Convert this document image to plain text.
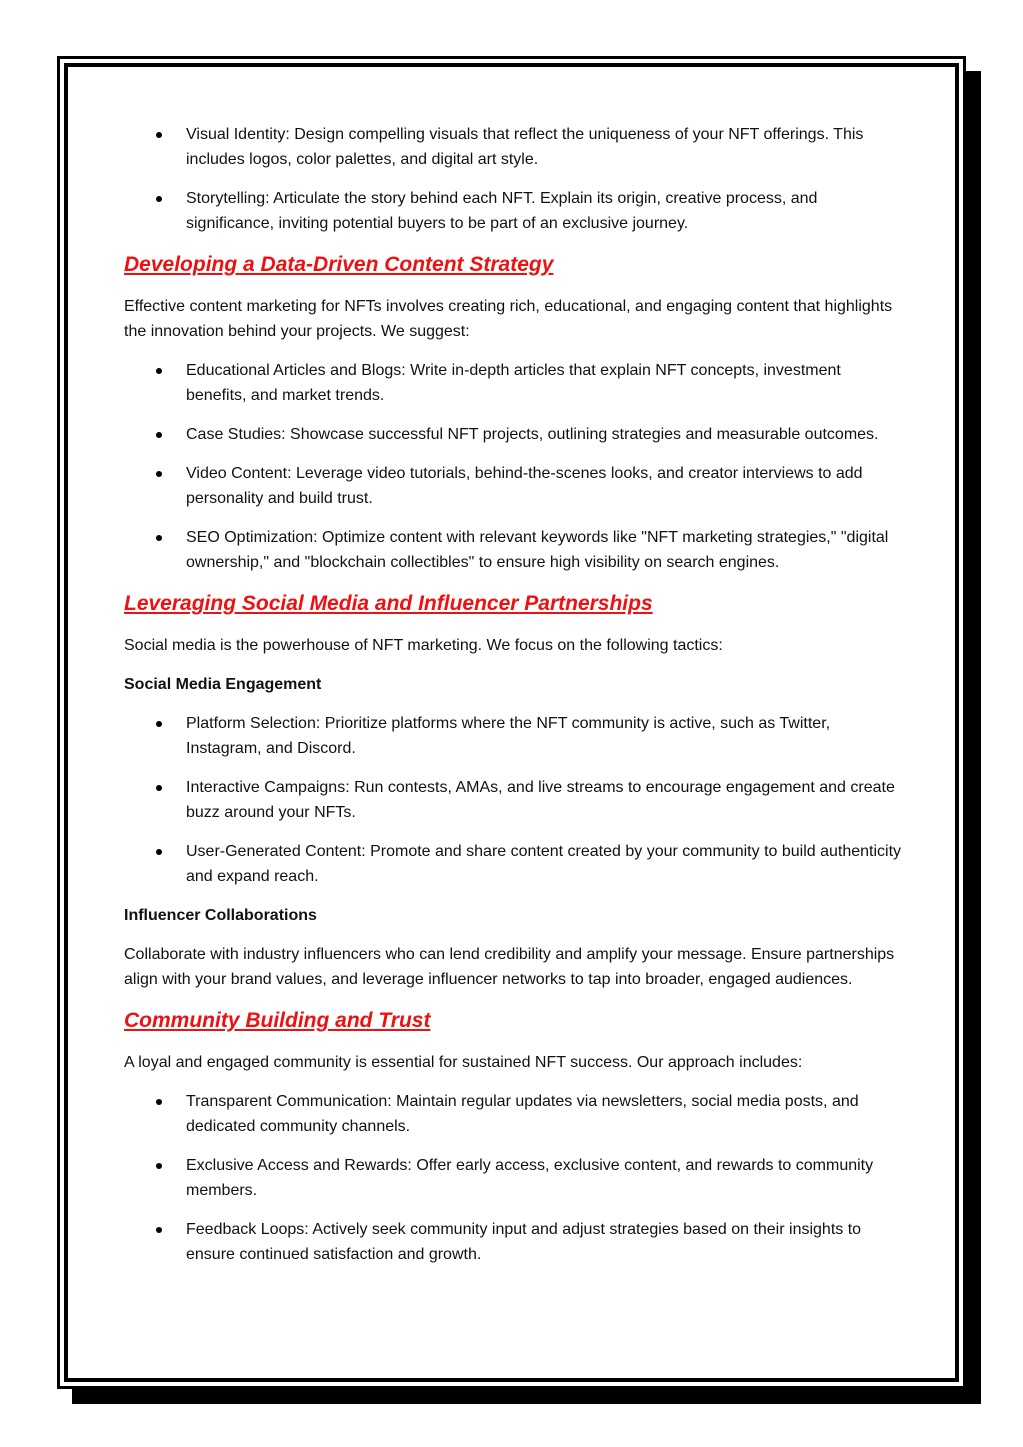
Visual Identity: Design compelling visuals that reflect the uniqueness of your NFT offerings. This includes logos, color palettes, and digital art style.
Storytelling: Articulate the story behind each NFT. Explain its origin, creative process, and significance, inviting potential buyers to be part of an exclusive journey.
Developing a Data-Driven Content Strategy

Effective content marketing for NFTs involves creating rich, educational, and engaging content that highlights the innovation behind your projects. We suggest:

Educational Articles and Blogs: Write in-depth articles that explain NFT concepts, investment benefits, and market trends.
Case Studies: Showcase successful NFT projects, outlining strategies and measurable outcomes.
Video Content: Leverage video tutorials, behind-the-scenes looks, and creator interviews to add personality and build trust.
SEO Optimization: Optimize content with relevant keywords like "NFT marketing strategies," "digital ownership," and "blockchain collectibles" to ensure high visibility on search engines.
Leveraging Social Media and Influencer Partnerships

Social media is the powerhouse of NFT marketing. We focus on the following tactics:

Social Media Engagement

Platform Selection: Prioritize platforms where the NFT community is active, such as Twitter, Instagram, and Discord.
Interactive Campaigns: Run contests, AMAs, and live streams to encourage engagement and create buzz around your NFTs.
User-Generated Content: Promote and share content created by your community to build authenticity and expand reach.

Influencer Collaborations

Collaborate with industry influencers who can lend credibility and amplify your message. Ensure partnerships align with your brand values, and leverage influencer networks to tap into broader, engaged audiences.

Community Building and Trust

A loyal and engaged community is essential for sustained NFT success. Our approach includes:

Transparent Communication: Maintain regular updates via newsletters, social media posts, and dedicated community channels.
Exclusive Access and Rewards: Offer early access, exclusive content, and rewards to community members.
Feedback Loops: Actively seek community input and adjust strategies based on their insights to ensure continued satisfaction and growth.
